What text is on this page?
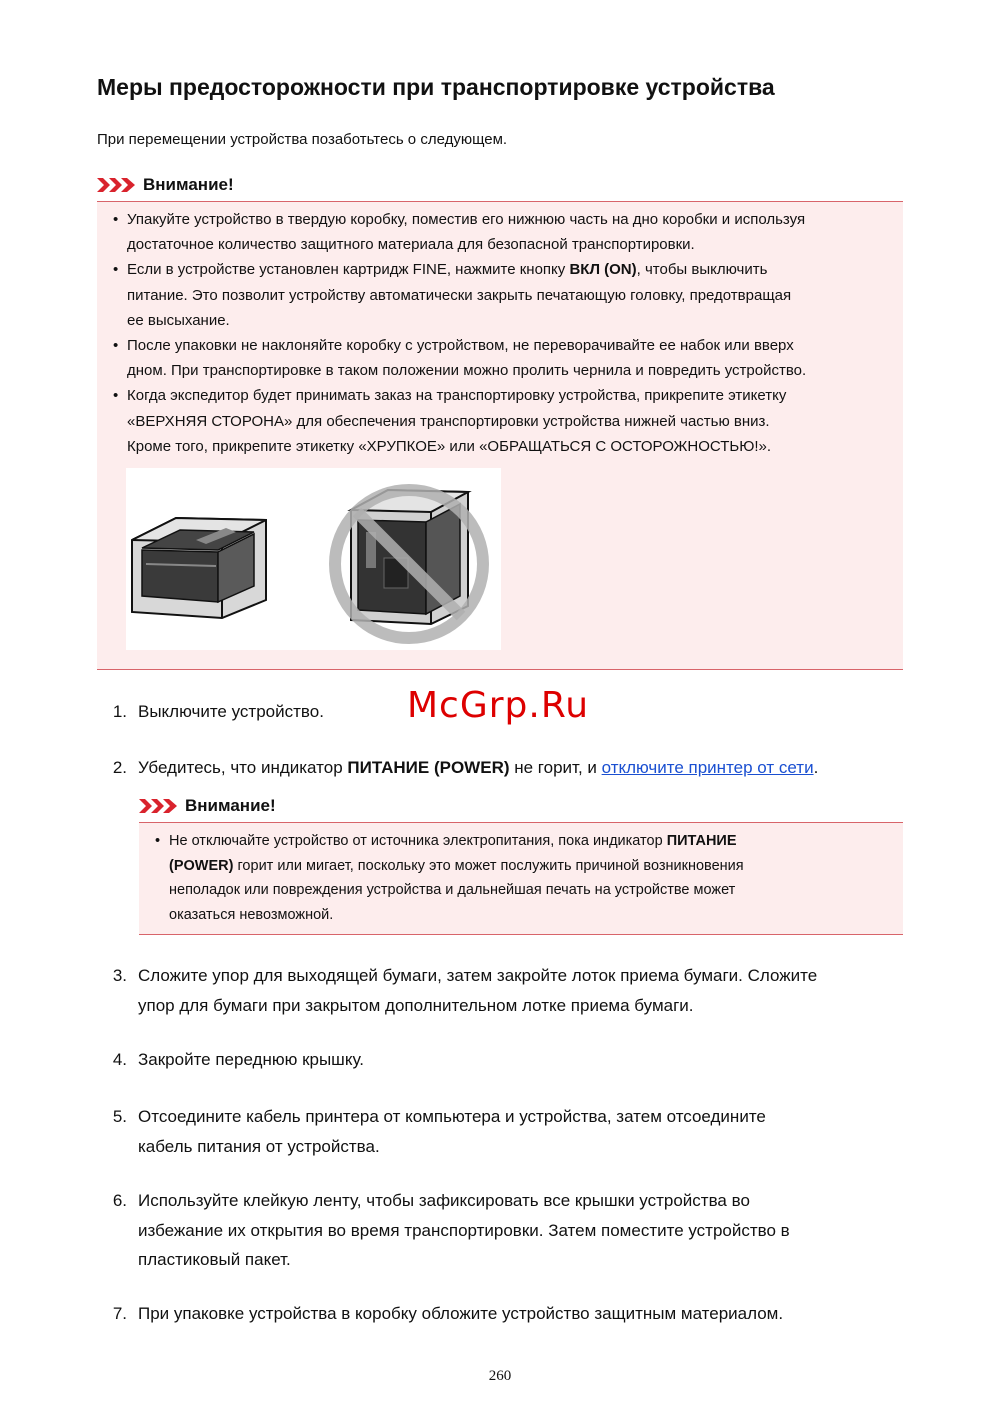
Меры предосторожности при транспортировке устройства
При перемещении устройства позаботьтесь о следующем.
Внимание!
• Упакуйте устройство в твердую коробку, поместив его нижнюю часть на дно коробки и используя
достаточное количество защитного материала для безопасной транспортировки.
• Если в устройстве установлен картридж FINE, нажмите кнопку ВКЛ (ON), чтобы выключить
питание. Это позволит устройству автоматически закрыть печатающую головку, предотвращая
ее высыхание.
• После упаковки не наклоняйте коробку с устройством, не переворачивайте ее набок или вверх
дном. При транспортировке в таком положении можно пролить чернила и повредить устройство.
• Когда экспедитор будет принимать заказ на транспортировку устройства, прикрепите этикетку
«ВЕРХНЯЯ СТОРОНА» для обеспечения транспортировки устройства нижней частью вниз.
Кроме того, прикрепите этикетку «ХРУПКОЕ» или «ОБРАЩАТЬСЯ С ОСТОРОЖНОСТЬЮ!».
1. Выключите устройство. McGrp.Ru
2. Убедитесь, что индикатор ПИТАНИЕ (POWER) не горит, и отключите принтер от сети.
Внимание!
• Не отключайте устройство от источника электропитания, пока индикатор ПИТАНИЕ
(POWER) горит или мигает, поскольку это может послужить причиной возникновения
неполадок или повреждения устройства и дальнейшая печать на устройстве может
оказаться невозможной.
3. Сложите упор для выходящей бумаги, затем закройте лоток приема бумаги. Сложите
упор для бумаги при закрытом дополнительном лотке приема бумаги.
4. Закройте переднюю крышку.
5. Отсоедините кабель принтера от компьютера и устройства, затем отсоедините
кабель питания от устройства.
6. Используйте клейкую ленту, чтобы зафиксировать все крышки устройства во
избежание их открытия во время транспортировки. Затем поместите устройство в
пластиковый пакет.
7. При упаковке устройства в коробку обложите устройство защитным материалом.
260
